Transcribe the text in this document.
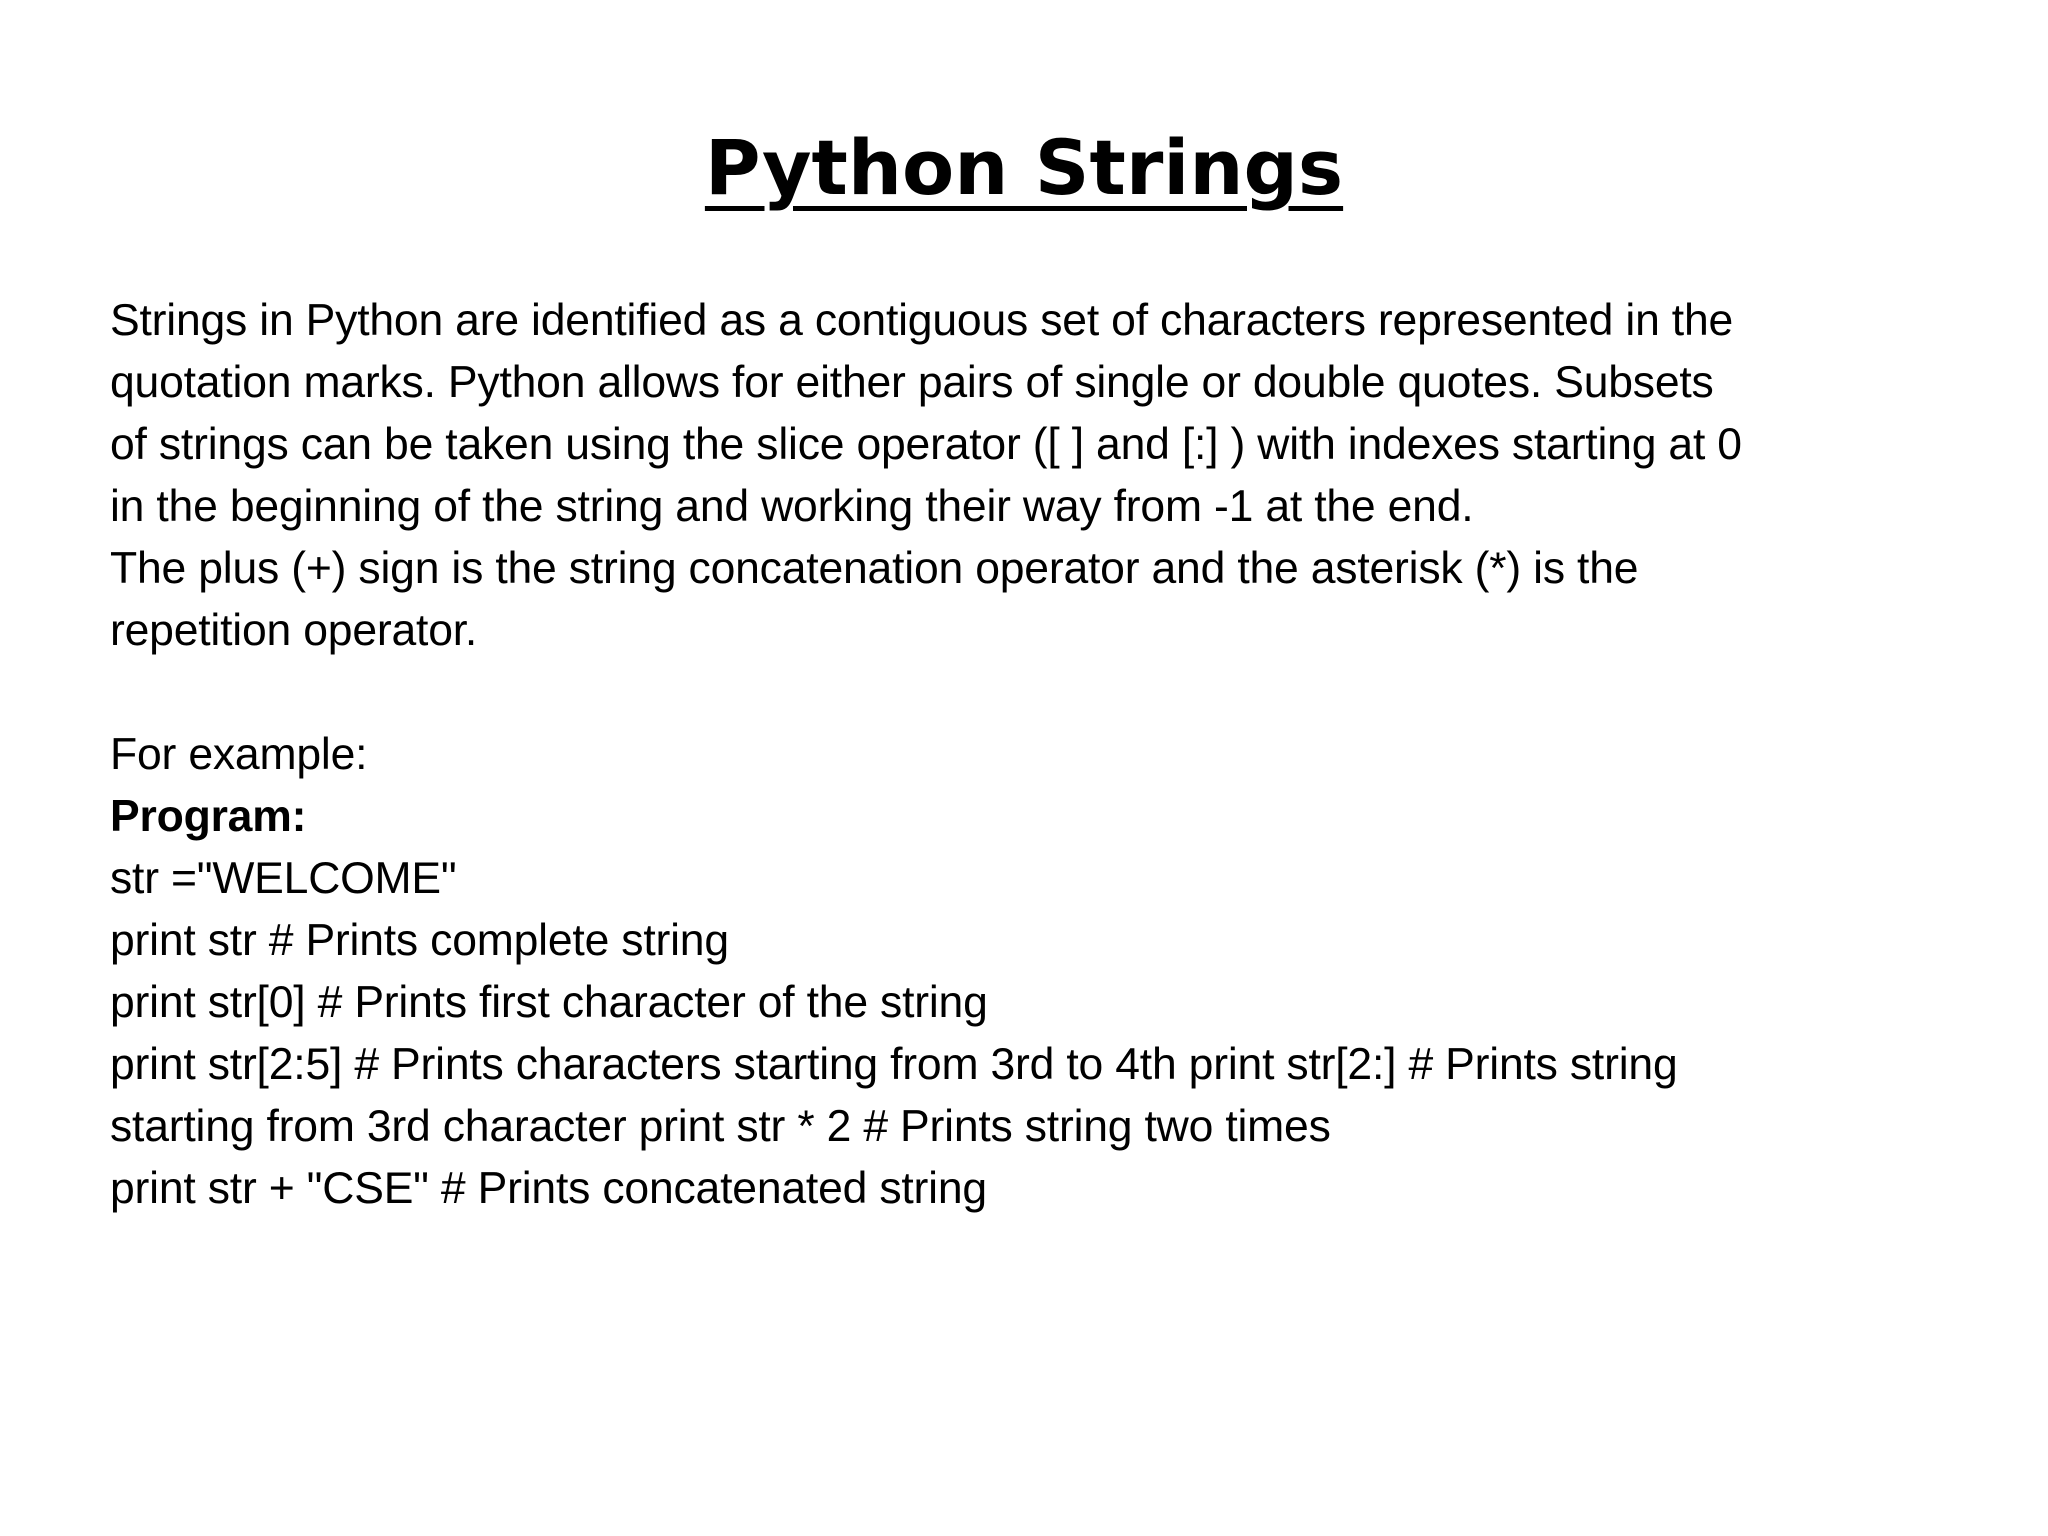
Python Strings
Strings in Python are identified as a contiguous set of characters represented in the
quotation marks. Python allows for either pairs of single or double quotes. Subsets
of strings can be taken using the slice operator ([ ] and [:] ) with indexes starting at 0
in the beginning of the string and working their way from -1 at the end.
The plus (+) sign is the string concatenation operator and the asterisk (*) is the
repetition operator.
For example:
Program:
str ="WELCOME"
print str # Prints complete string
print str[0] # Prints first character of the string
print str[2:5] # Prints characters starting from 3rd to 4th print str[2:] # Prints string
starting from 3rd character print str * 2 # Prints string two times
print str + "CSE" # Prints concatenated string
